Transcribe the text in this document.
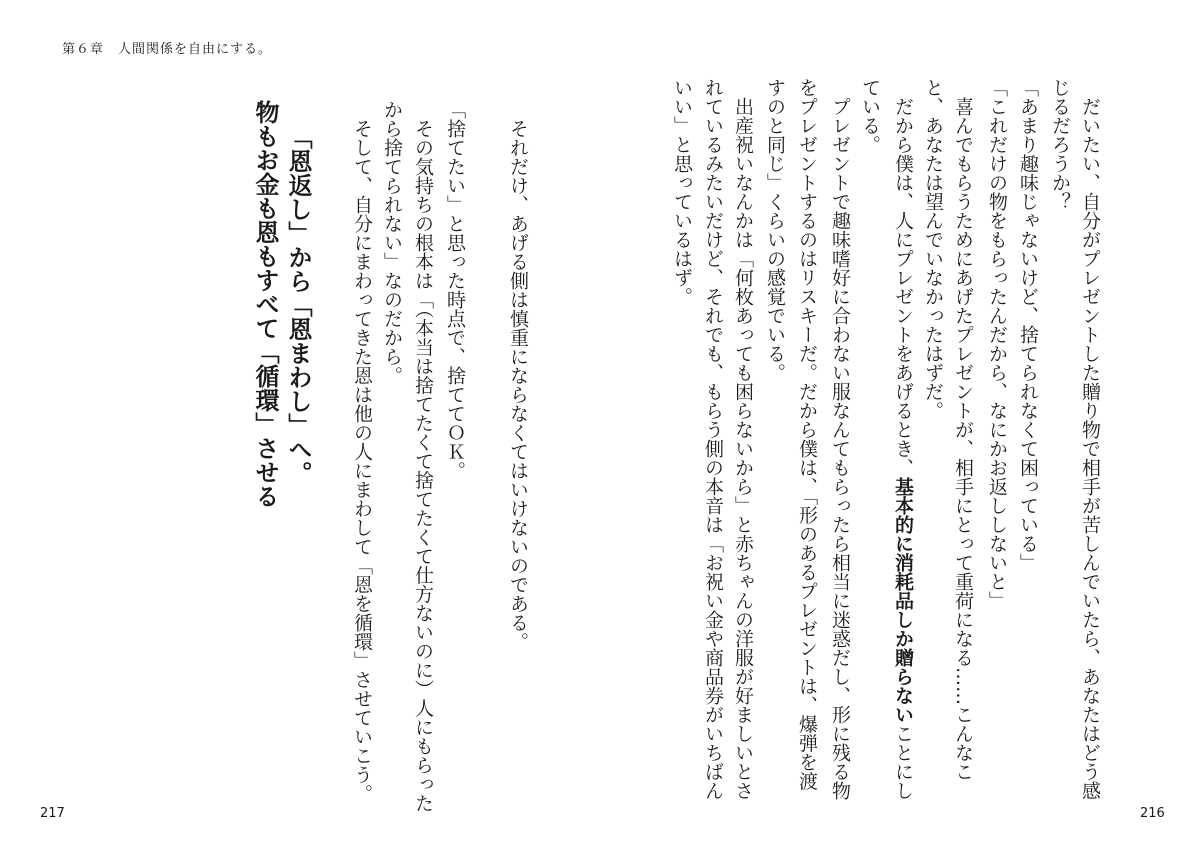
第６章　人間関係を自由にする。
217	216
　だいたい、自分がプレゼントした贈り物で相手が苦しんでいたら、あなたはどう感
じるだろうか？
「あまり趣味じゃないけど、捨てられなくて困っている」
「これだけの物をもらったんだから、なにかお返ししないと」
　喜んでもらうためにあげたプレゼントが、相手にとって重荷になる……こんなこ
と、あなたは望んでいなかったはずだ。
　だから僕は、人にプレゼントをあげるとき、基本的に消耗品しか贈らないことにし
ている。
　プレゼントで趣味嗜好に合わない服なんてもらったら相当に迷惑だし、形に残る物
をプレゼントするのはリスキーだ。だから僕は、「形のあるプレゼントは、爆弾を渡
すのと同じ」くらいの感覚でいる。
　出産祝いなんかは「何枚あっても困らないから」と赤ちゃんの洋服が好ましいとさ
れているみたいだけど、それでも、もらう側の本音は「お祝い金や商品券がいちばん
いい」と思っているはず。
　それだけ、あげる側は慎重にならなくてはいけないのである。
「捨てたい」と思った時点で、捨ててＯＫ。
　その気持ちの根本は「（本当は捨てたくて捨てたくて仕方ないのに）人にもらった
から捨てられない」なのだから。
　そして、自分にまわってきた恩は他の人にまわして「恩を循環」させていこう。
「恩返し」から「恩まわし」へ。
物もお金も恩もすべて「循環」させる
